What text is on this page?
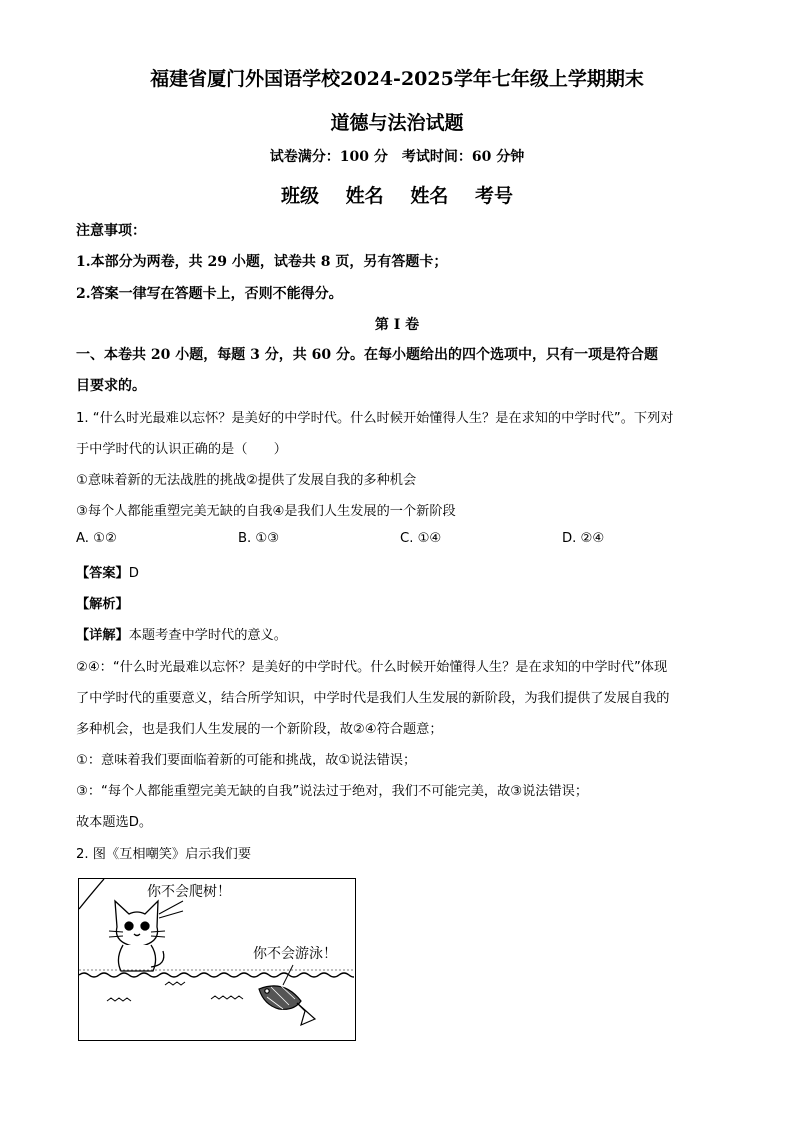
福建省厦门外国语学校2024-2025学年七年级上学期期末
道德与法治试题
试卷满分：100 分　考试时间：60 分钟
班级 姓名 姓名 考号
注意事项：
1.本部分为两卷，共 29 小题，试卷共 8 页，另有答题卡；
2.答案一律写在答题卡上，否则不能得分。
第 I 卷
一、本卷共 20 小题，每题 3 分，共 60 分。在每小题给出的四个选项中，只有一项是符合题
目要求的。
1. “什么时光最难以忘怀？是美好的中学时代。什么时候开始懂得人生？是在求知的中学时代”。下列对
于中学时代的认识正确的是（　　）
①意味着新的无法战胜的挑战②提供了发展自我的多种机会
③每个人都能重塑完美无缺的自我④是我们人生发展的一个新阶段
A. ①②	B. ①③	C. ①④	D. ②④
【答案】D
【解析】
【详解】本题考查中学时代的意义。
②④：“什么时光最难以忘怀？是美好的中学时代。什么时候开始懂得人生？是在求知的中学时代”体现
了中学时代的重要意义，结合所学知识，中学时代是我们人生发展的新阶段，为我们提供了发展自我的
多种机会，也是我们人生发展的一个新阶段，故②④符合题意；
①：意味着我们要面临着新的可能和挑战，故①说法错误；
③：“每个人都能重塑完美无缺的自我”说法过于绝对，我们不可能完美，故③说法错误；
故本题选D。
2. 图《互相嘲笑》启示我们要
你不会爬树！
你不会游泳！
